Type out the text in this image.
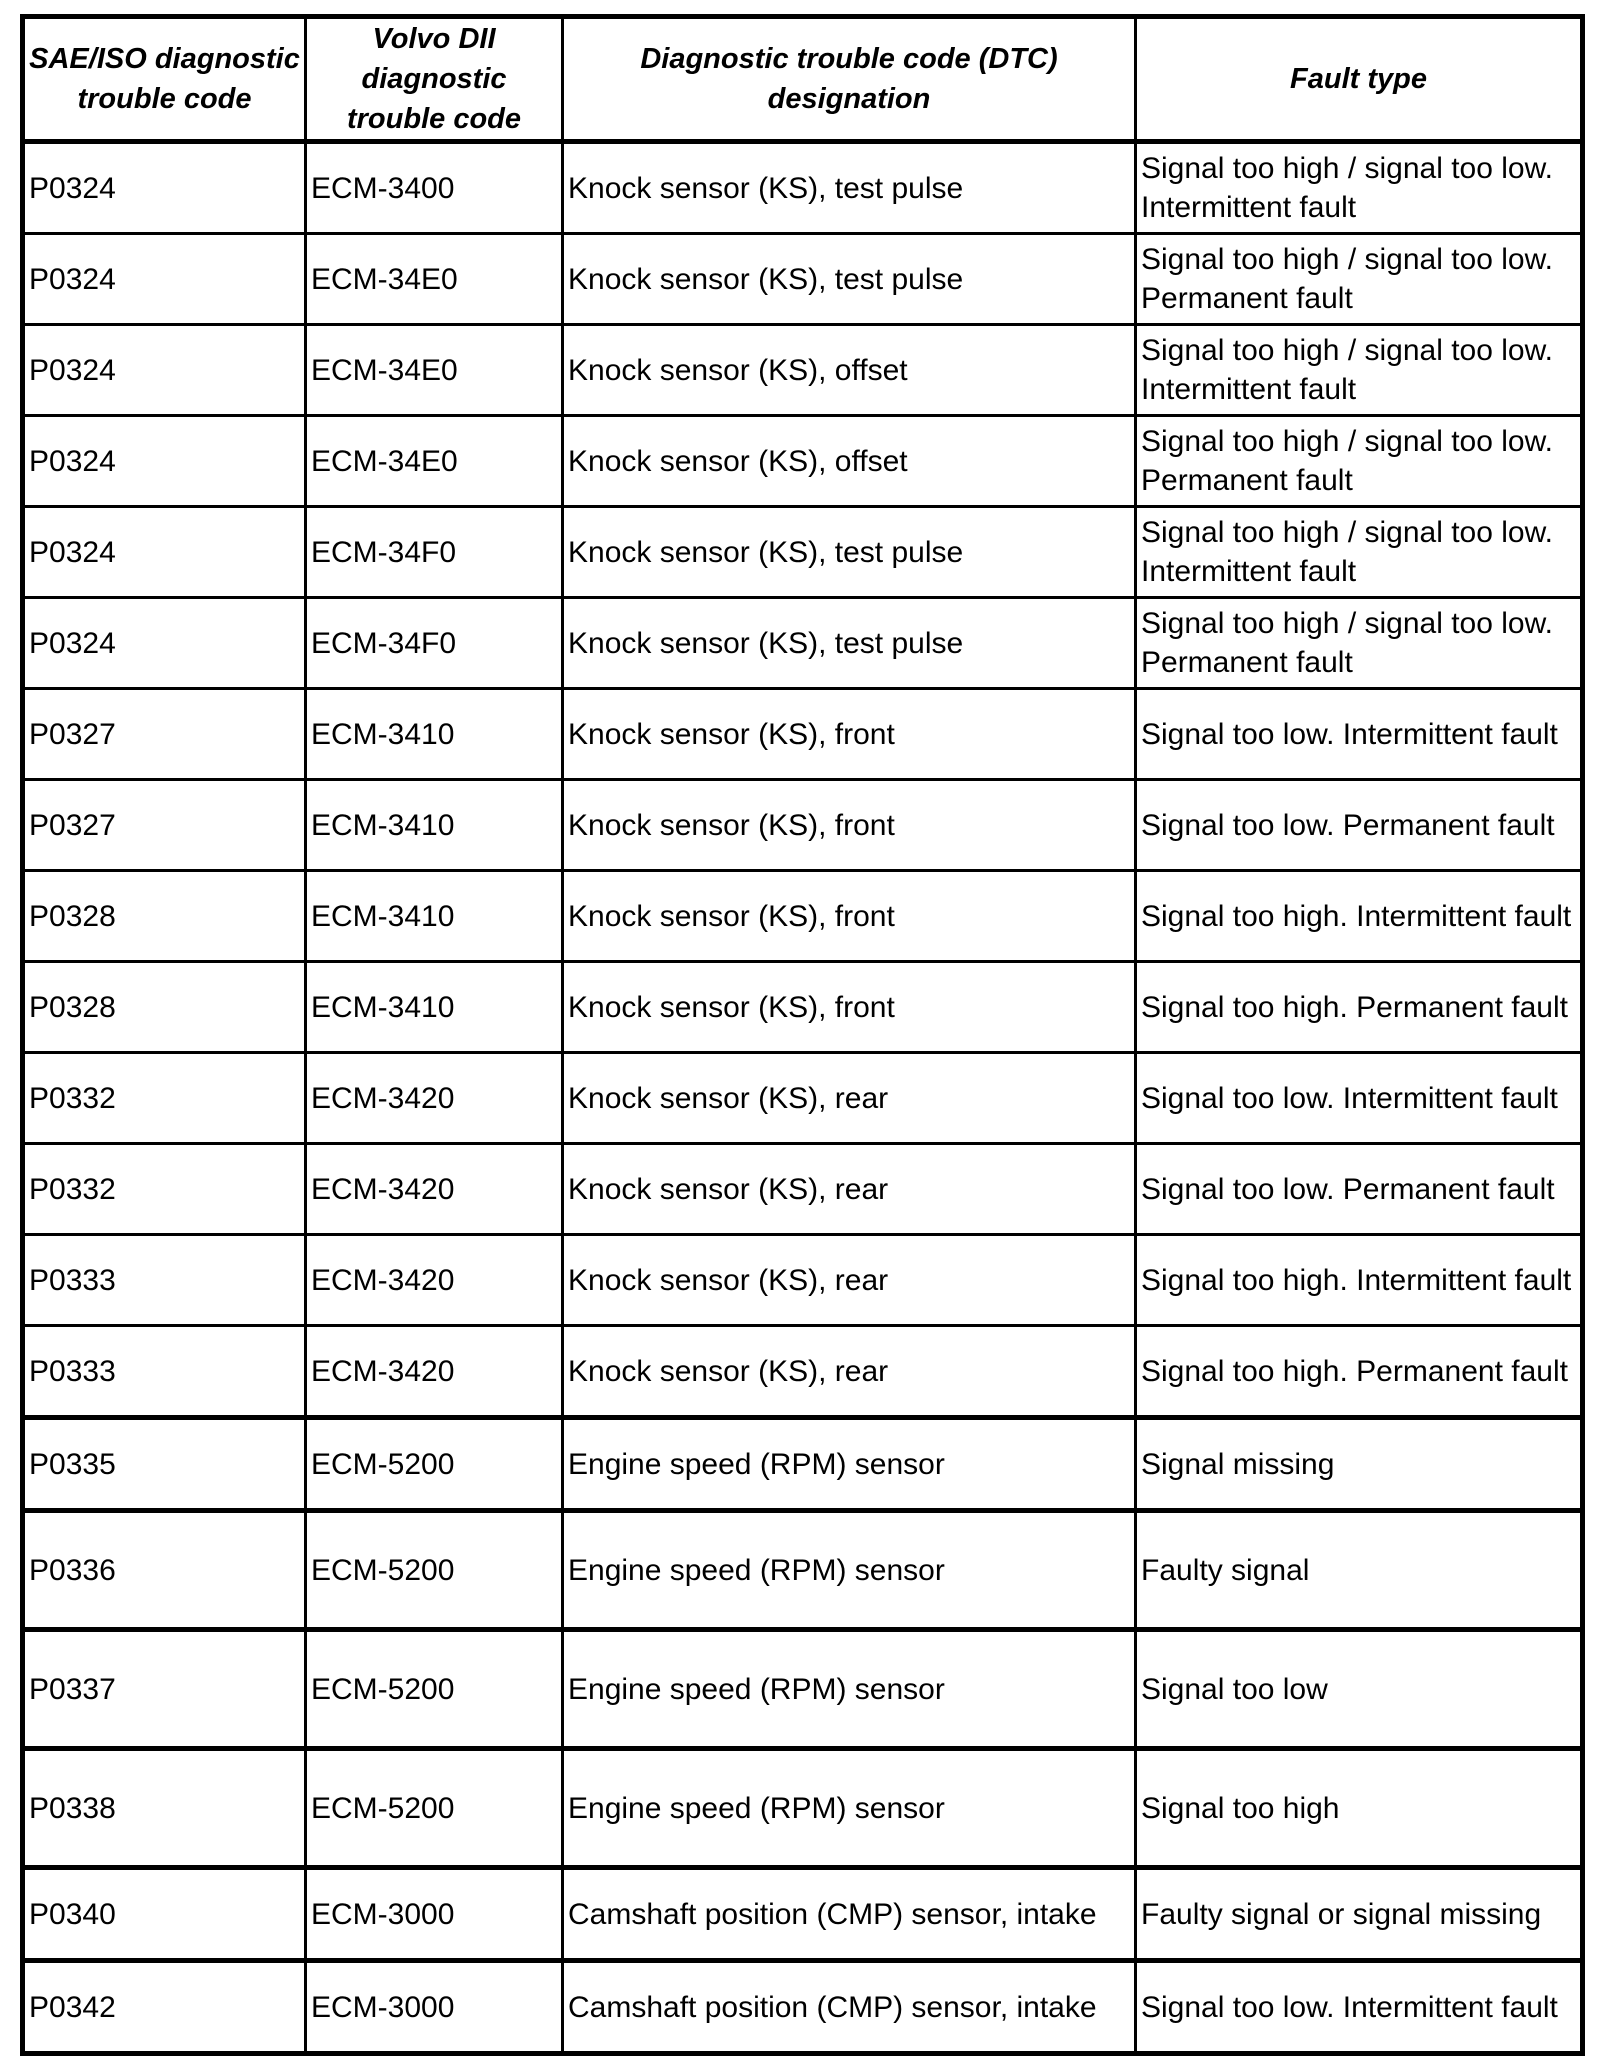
SAE/ISO diagnostic trouble code	Volvo DII diagnostic trouble code	Diagnostic trouble code (DTC) designation	Fault type
P0324	ECM-3400	Knock sensor (KS), test pulse	Signal too high / signal too low. Intermittent fault
P0324	ECM-34E0	Knock sensor (KS), test pulse	Signal too high / signal too low. Permanent fault
P0324	ECM-34E0	Knock sensor (KS), offset	Signal too high / signal too low. Intermittent fault
P0324	ECM-34E0	Knock sensor (KS), offset	Signal too high / signal too low. Permanent fault
P0324	ECM-34F0	Knock sensor (KS), test pulse	Signal too high / signal too low. Intermittent fault
P0324	ECM-34F0	Knock sensor (KS), test pulse	Signal too high / signal too low. Permanent fault
P0327	ECM-3410	Knock sensor (KS), front	Signal too low. Intermittent fault
P0327	ECM-3410	Knock sensor (KS), front	Signal too low. Permanent fault
P0328	ECM-3410	Knock sensor (KS), front	Signal too high. Intermittent fault
P0328	ECM-3410	Knock sensor (KS), front	Signal too high. Permanent fault
P0332	ECM-3420	Knock sensor (KS), rear	Signal too low. Intermittent fault
P0332	ECM-3420	Knock sensor (KS), rear	Signal too low. Permanent fault
P0333	ECM-3420	Knock sensor (KS), rear	Signal too high. Intermittent fault
P0333	ECM-3420	Knock sensor (KS), rear	Signal too high. Permanent fault
P0335	ECM-5200	Engine speed (RPM) sensor	Signal missing
P0336	ECM-5200	Engine speed (RPM) sensor	Faulty signal
P0337	ECM-5200	Engine speed (RPM) sensor	Signal too low
P0338	ECM-5200	Engine speed (RPM) sensor	Signal too high
P0340	ECM-3000	Camshaft position (CMP) sensor, intake	Faulty signal or signal missing
P0342	ECM-3000	Camshaft position (CMP) sensor, intake	Signal too low. Intermittent fault
